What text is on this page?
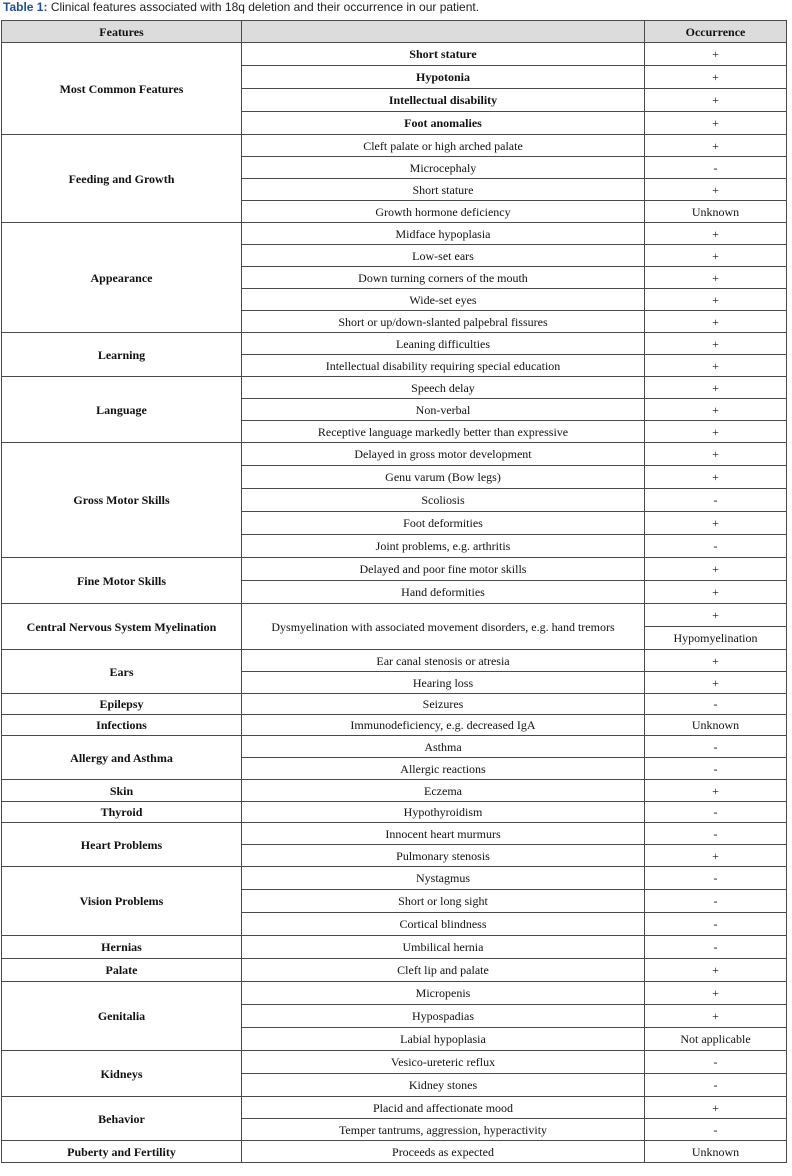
Table 1: Clinical features associated with 18q deletion and their occurrence in our patient.
Features		Occurrence
Most Common Features	Short stature	+
	Hypotonia	+
	Intellectual disability	+
	Foot anomalies	+
Feeding and Growth	Cleft palate or high arched palate	+
	Microcephaly	-
	Short stature	+
	Growth hormone deficiency	Unknown
Appearance	Midface hypoplasia	+
	Low-set ears	+
	Down turning corners of the mouth	+
	Wide-set eyes	+
	Short or up/down-slanted palpebral fissures	+
Learning	Leaning difficulties	+
	Intellectual disability requiring special education	+
Language	Speech delay	+
	Non-verbal	+
	Receptive language markedly better than expressive	+
Gross Motor Skills	Delayed in gross motor development	+
	Genu varum (Bow legs)	+
	Scoliosis	-
	Foot deformities	+
	Joint problems, e.g. arthritis	-
Fine Motor Skills	Delayed and poor fine motor skills	+
	Hand deformities	+
Central Nervous System Myelination	Dysmyelination with associated movement disorders, e.g. hand tremors	+
		Hypomyelination
Ears	Ear canal stenosis or atresia	+
	Hearing loss	+
Epilepsy	Seizures	-
Infections	Immunodeficiency, e.g. decreased IgA	Unknown
Allergy and Asthma	Asthma	-
	Allergic reactions	-
Skin	Eczema	+
Thyroid	Hypothyroidism	-
Heart Problems	Innocent heart murmurs	-
	Pulmonary stenosis	+
Vision Problems	Nystagmus	-
	Short or long sight	-
	Cortical blindness	-
Hernias	Umbilical hernia	-
Palate	Cleft lip and palate	+
Genitalia	Micropenis	+
	Hypospadias	+
	Labial hypoplasia	Not applicable
Kidneys	Vesico-ureteric reflux	-
	Kidney stones	-
Behavior	Placid and affectionate mood	+
	Temper tantrums, aggression, hyperactivity	-
Puberty and Fertility	Proceeds as expected	Unknown
